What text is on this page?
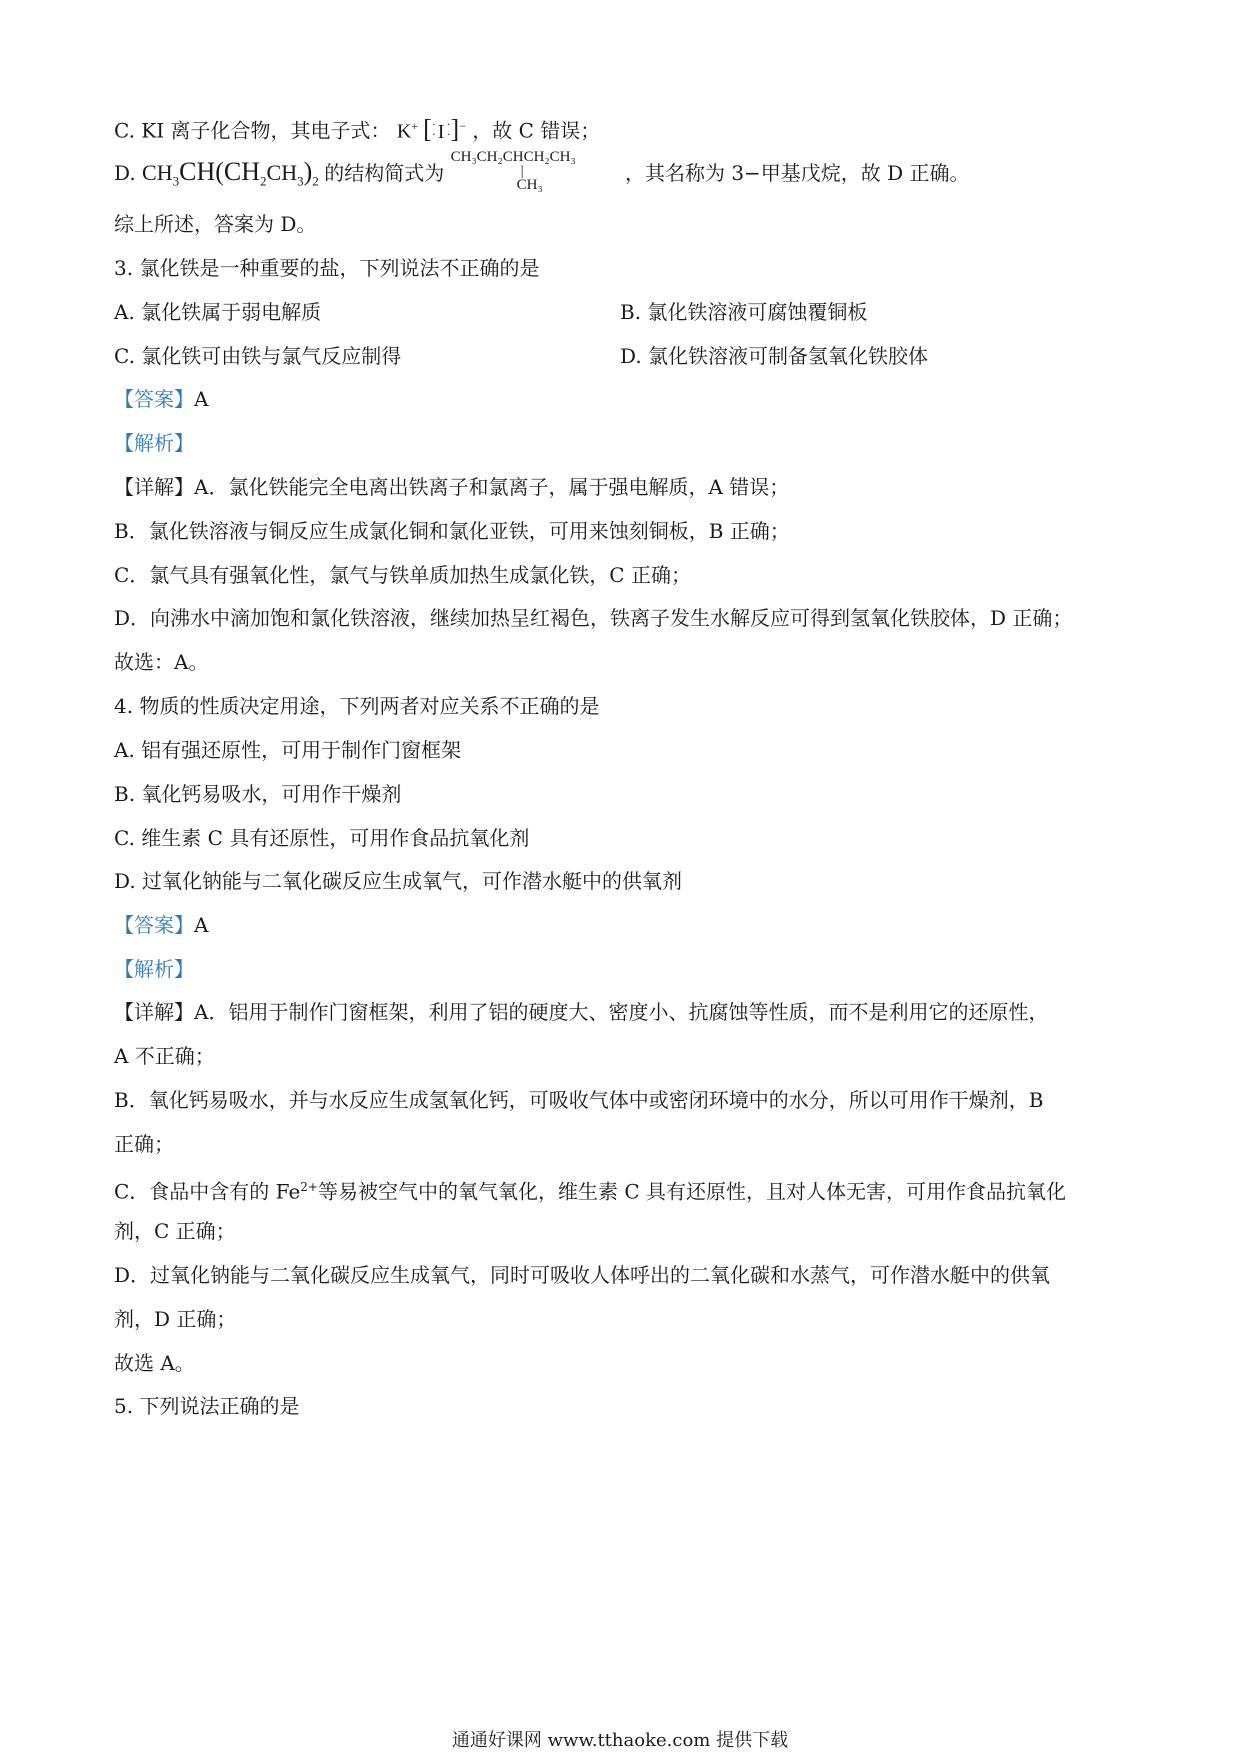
C. KI 离子化合物，其电子式： K+ [ ·
· I ·
· ]− ，故 C 错误；
D. $CH_3CH(CH_2CH_3)_2$ 的结构简式为
CH₃CH₂CHCH₂CH₃
|
CH₃	，其名称为 3−甲基戊烷，故 D 正确。
综上所述，答案为 D。
3. 氯化铁是一种重要的盐，下列说法不正确的是
A. 氯化铁属于弱电解质	B. 氯化铁溶液可腐蚀覆铜板
C. 氯化铁可由铁与氯气反应制得	D. 氯化铁溶液可制备氢氧化铁胶体
【答案】A
【解析】
【详解】A．氯化铁能完全电离出铁离子和氯离子，属于强电解质，A 错误；
B．氯化铁溶液与铜反应生成氯化铜和氯化亚铁，可用来蚀刻铜板，B 正确；
C．氯气具有强氧化性，氯气与铁单质加热生成氯化铁，C 正确；
D．向沸水中滴加饱和氯化铁溶液，继续加热呈红褐色，铁离子发生水解反应可得到氢氧化铁胶体，D 正确；
故选：A。
4. 物质的性质决定用途，下列两者对应关系不正确的是
A. 铝有强还原性，可用于制作门窗框架
B. 氧化钙易吸水，可用作干燥剂
C. 维生素 C 具有还原性，可用作食品抗氧化剂
D. 过氧化钠能与二氧化碳反应生成氧气，可作潜水艇中的供氧剂
【答案】A
【解析】
【详解】A．铝用于制作门窗框架，利用了铝的硬度大、密度小、抗腐蚀等性质，而不是利用它的还原性，
A 不正确；
B．氧化钙易吸水，并与水反应生成氢氧化钙，可吸收气体中或密闭环境中的水分，所以可用作干燥剂，B
正确；
C．食品中含有的 $Fe^{2+}$等易被空气中的氧气氧化，维生素 C 具有还原性，且对人体无害，可用作食品抗氧化
剂，C 正确；
D．过氧化钠能与二氧化碳反应生成氧气，同时可吸收人体呼出的二氧化碳和水蒸气，可作潜水艇中的供氧
剂，D 正确；
故选 A。
5. 下列说法正确的是
通通好课网 www.tthaoke.com 提供下载
